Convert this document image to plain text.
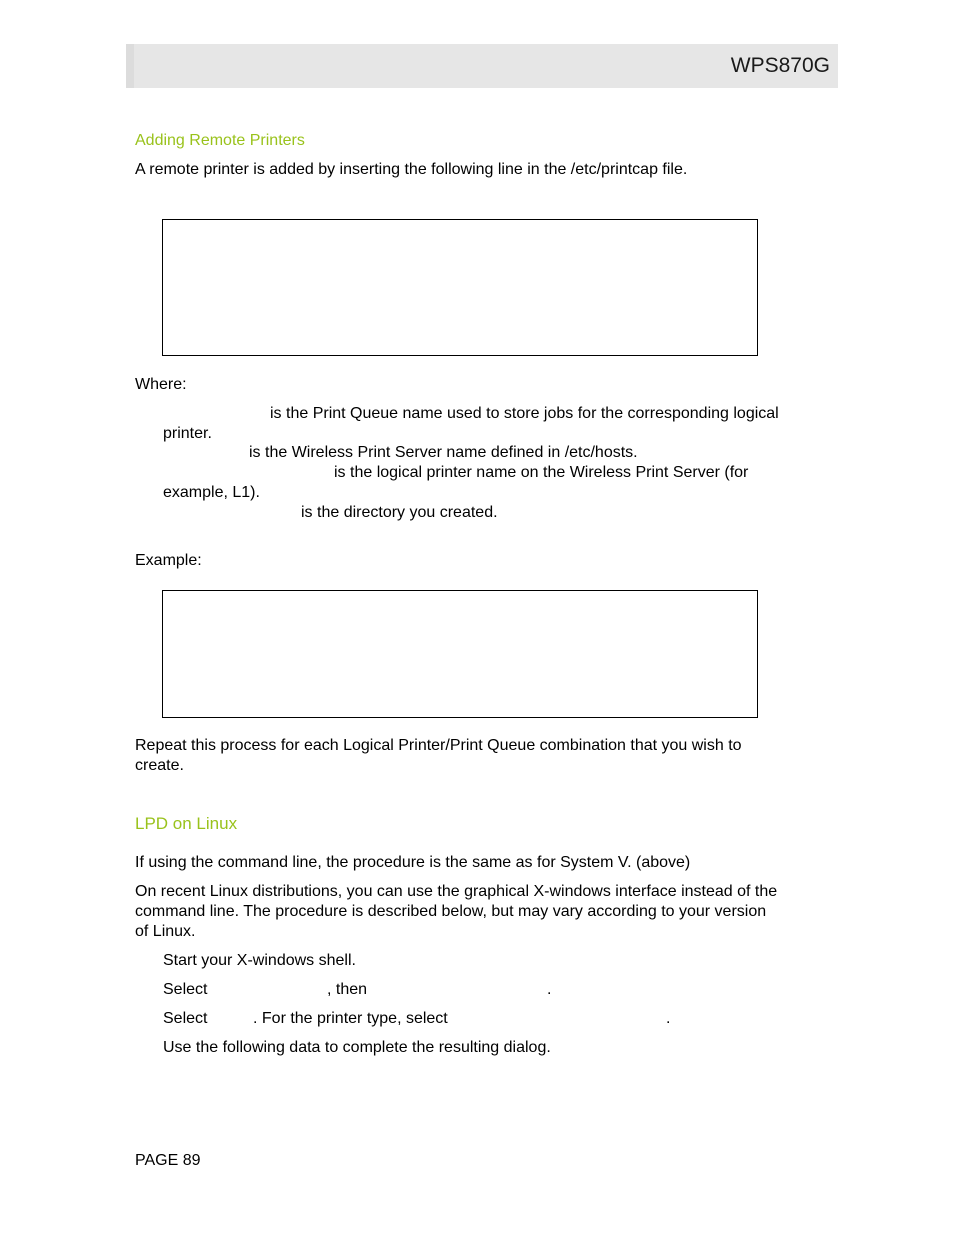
WPS870G
Adding Remote Printers
A remote printer is added by inserting the following line in the /etc/printcap file.
Where:
is the Print Queue name used to store jobs for the corresponding logical
printer.
is the Wireless Print Server name defined in /etc/hosts.
is the logical printer name on the Wireless Print Server (for
example, L1).
is the directory you created.
Example:
Repeat this process for each Logical Printer/Print Queue combination that you wish to
create.
LPD on Linux
If using the command line, the procedure is the same as for System V. (above)
On recent Linux distributions, you can use the graphical X-windows interface instead of the
command line. The procedure is described below, but may vary according to your version
of Linux.
Start your X-windows shell.
Select	, then	.
Select	. For the printer type, select	.
Use the following data to complete the resulting dialog.
PAGE 89
